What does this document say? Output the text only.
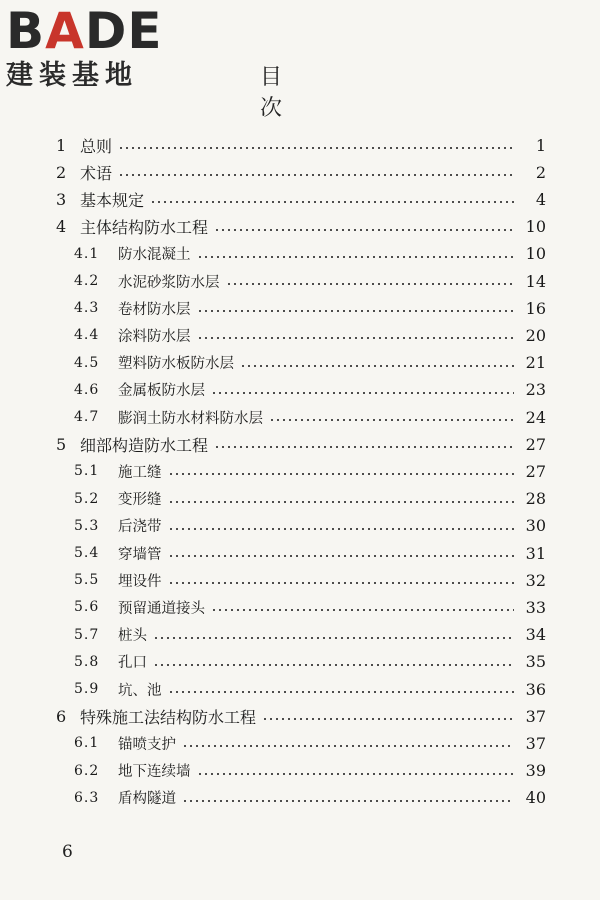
BADE
建装基地	目 次
1 总则	1
2 术语	2
3 基本规定	4
4 主体结构防水工程	10
4.1	防水混凝土	10
4.2	水泥砂浆防水层	14
4.3	卷材防水层	16
4.4	涂料防水层	20
4.5	塑料防水板防水层	21
4.6	金属板防水层	23
4.7	膨润土防水材料防水层	24
5 细部构造防水工程	27
5.1	施工缝	27
5.2	变形缝	28
5.3	后浇带	30
5.4	穿墙管	31
5.5	埋设件	32
5.6	预留通道接头	33
5.7	桩头	34
5.8	孔口	35
5.9	坑、池	36
6 特殊施工法结构防水工程	37
6.1	锚喷支护	37
6.2	地下连续墙	39
6.3	盾构隧道	40
6
